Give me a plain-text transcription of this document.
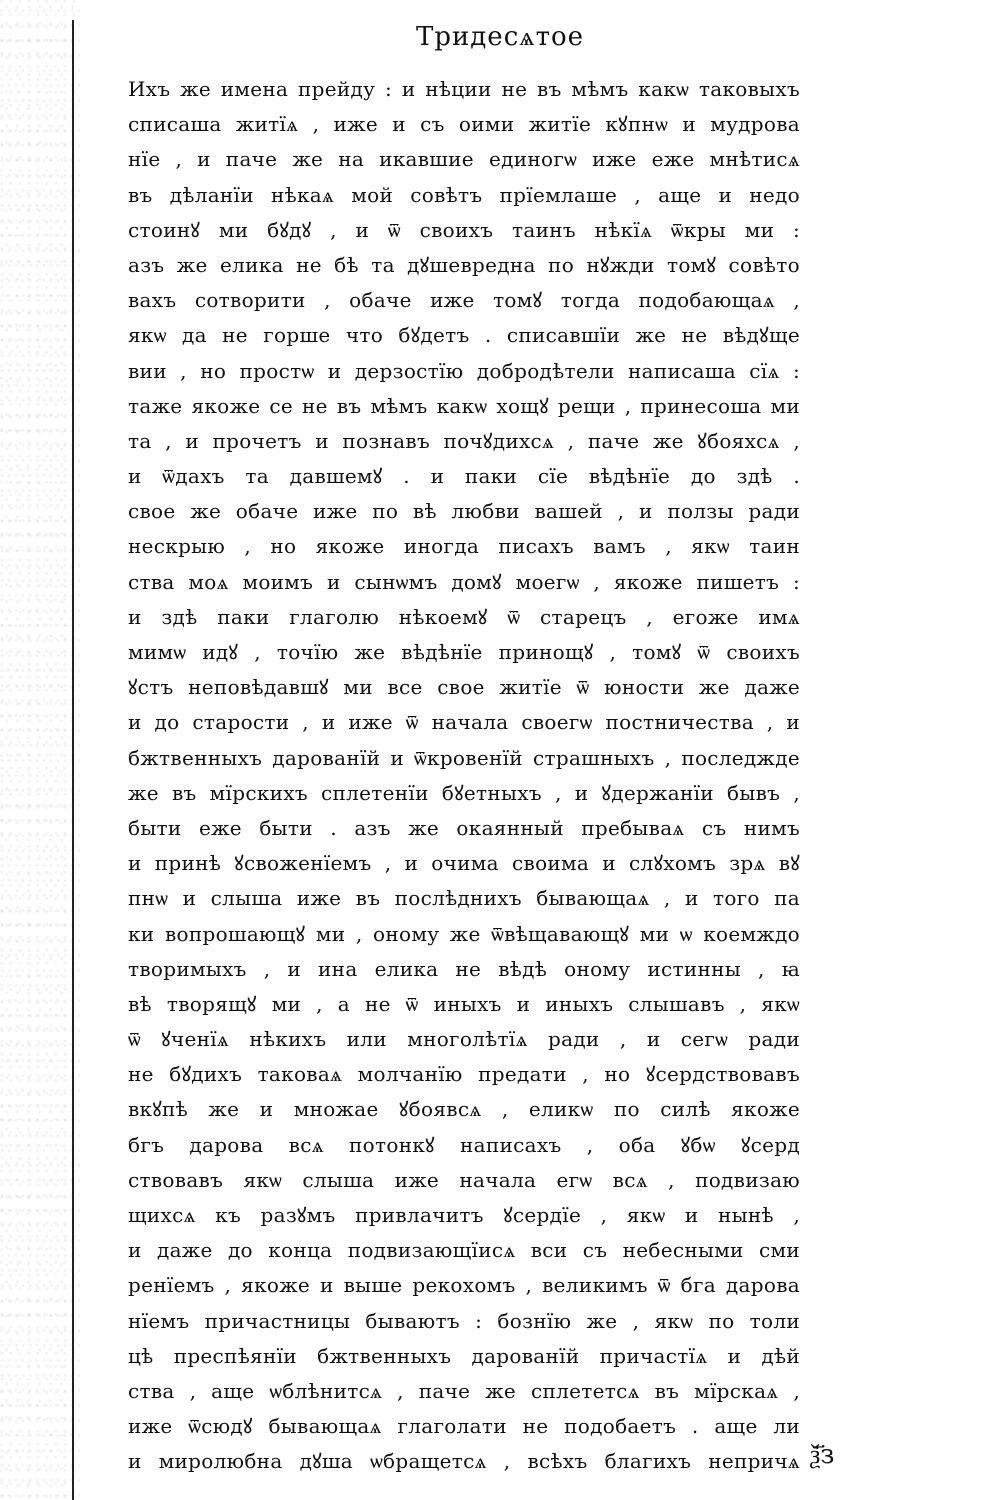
Тридесѧтое
Ихъ же имена прейду : и нѣции не въ мѣмъ какѡ таковыхъ
списаша житїѧ , иже и съ оими житїе кꙋпнѡ и мудрова
нїе , и паче же на икавшие единогѡ иже еже мнѣтисѧ
въ дѣланїи нѣкаѧ мой совѣтъ прїемлаше , аще и недо
стоинꙋ ми бꙋдꙋ , и ѿ своихъ таинъ нѣкїѧ ѿкры ми :
азъ же елика не бѣ та дꙋшевредна по нꙋжди томꙋ совѣто
вахъ сотворити , обаче иже томꙋ тогда подобающаѧ ,
якѡ да не горше что бꙋдетъ . списавшїи же не вѣдꙋще
вии , но простѡ и дерзостїю добродѣтели написаша сїѧ :
таже якоже се не въ мѣмъ какѡ хощꙋ рещи , принесоша ми
та , и прочетъ и познавъ почꙋдихсѧ , паче же ꙋбояхсѧ ,
и ѿдахъ та давшемꙋ . и паки сїе вѣдѣнїе до здѣ .
свое же обаче иже по вѣ любви вашей , и ползы ради
нескрыю , но якоже иногда писахъ вамъ , якѡ таин
ства моѧ моимъ и сынѡмъ домꙋ моегѡ , якоже пишетъ :
и здѣ паки глаголю нѣкоемꙋ ѿ старецъ , егоже имѧ
мимѡ идꙋ , точїю же вѣдѣнїе принощꙋ , томꙋ ѿ своихъ
ꙋстъ неповѣдавшꙋ ми все свое житїе ѿ юности же даже
и до старости , и иже ѿ начала своегѡ постничества , и
бжтвенныхъ дарованїй и ѿкровенїй страшныхъ , последжде
же въ мїрскихъ сплетенїи бꙋетныхъ , и ꙋдержанїи бывъ ,
быти еже быти . азъ же окаянный пребываѧ съ нимъ
и принѣ ꙋсвоженїемъ , и очима своима и слꙋхомъ зрѧ вꙋ
пнѡ и слыша иже въ послѣднихъ бывающаѧ , и того па
ки вопрошающꙋ ми , оному же ѿвѣщавающꙋ ми ѡ коемждо
творимыхъ , и ина елика не вѣдѣ оному истинны , ꙗ
вѣ творящꙋ ми , а не ѿ иныхъ и иныхъ слышавъ , якѡ
ѿ ꙋченїѧ нѣкихъ или многолѣтїѧ ради , и сегѡ ради
не бꙋдихъ таковаѧ молчанїю предати , но ꙋсердствовавъ
вкꙋпѣ же и множае ꙋбоявсѧ , еликѡ по силѣ якоже
бгъ дарова всѧ потонкꙋ написахъ , оба ꙋбѡ ꙋсерд
ствовавъ якѡ слыша иже начала егѡ всѧ , подвизаю
щихсѧ къ разꙋмъ привлачитъ ꙋсердїе , якѡ и нынѣ ,
и даже до конца подвизающїисѧ вси съ небесными сми
ренїемъ , якоже и выше рекохомъ , великимъ ѿ бга дарова
нїемъ причастницы бываютъ : бознїю же , якѡ по толи
цѣ преспѣянїи бжтвенныхъ дарованїй причастїѧ и дѣй
ства , аще ѡблѣнитсѧ , паче же сплететсѧ въ мїрскаѧ ,
иже ѿсюдꙋ бывающаѧ глаголати не подобаетъ . аще ли
и миролюбна дꙋша ѡбращетсѧ , всѣхъ благихъ непричѧ ѯ҃з
